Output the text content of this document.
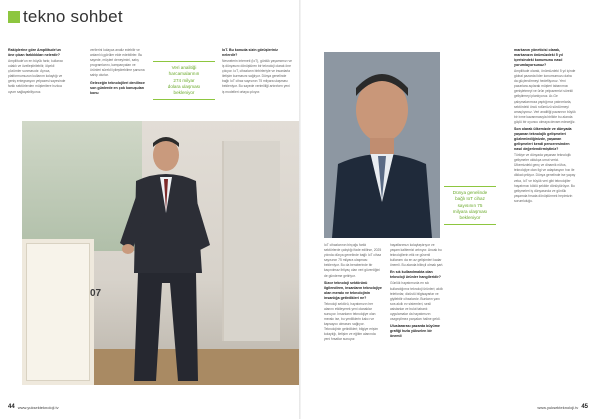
tekno sohbet
Rakiplerine göre Ampliitude'un öne çıkan farklılıkları nelerdir?

Ampliitude'un en büyük farkı; kullanıcı odaklı ve özelleştirilebilir, ölçekli çözümler sunmasıdır. Ayrıca, platformumuzun kullanım kolaylığı ve geniş entegrasyon yelpazesi sayesinde farklı sektörlerden müşterilere hızlıca uyum sağlayabiliyoruz.

verilerini kolayca analiz edebilir ve anlamlı içgörüler elde edebilirler. Bu sayede, müşteri deneyimini, satış programlarını, kampanyaları ve ürünleri sürekli iyileştirebilme şansına sahip olurlar.

Geleceğin teknolojileri denilince son günlerde en çok konuşulan konu
Veri analitiği
harcamalarının
274 milyar
dolara ulaşması
bekleniyor
IoT. Bu konuda sizin görüşleriniz nelerdir?

Nesnelerin interneti (IoT), günlük yaşamımızı ve iş dünyasını dönüştüren bir teknoloji olarak öne çıkıyor. IoT, cihazların birbirleriyle ve insanlarla iletişim kurmasını sağlıyor. Dünya genelinde bağlı IoT cihaz sayısının 75 milyara ulaşması bekleniyor. Bu sayede verimliliği artırırken yeni iş modelleri ortaya çıkıyor.

07
44 www.yuksekteknoloji.tv
Dünya genelinde
bağlı IoT cihaz
sayısının 75
milyara ulaşması
bekleniyor

IoT cihazlarının birçoğu farklı sektörlerde çalıştığı ifade edilirse, 2025 yılında dünya genelinde bağlı IoT cihaz sayısının 75 milyara ulaşması bekleniyor. Bu da beraberinde bir kaçınılmaz ihtiyaç olan veri güvenliğini de gündeme getiriyor.

Sizce teknoloji sektörünü ilgilendiren, insanların teknolojiye olan merakı ve teknolojinin insanlığa getirdikleri ne?

Teknoloji sektörü, hayatımızın her alanını etkileyerek yeni olanaklar sunuyor. İnsanların teknolojiye olan merakı ise, bu yeniliklerin kalıcı ve kapsayıcı olmasını sağlıyor. Teknolojinin getirdikleri; bilgiye erişim kolaylığı, iletişim ve eğitim alanında yeni fırsatlar sunuyor.

hayatlarımızı kolaylaştırıyor ve yaşam kalitemizi artırıyor. Ancak bu teknolojilerin etik ve güvenli kullanımı da en az gelişimleri kadar önemli. Bu alanda bilinçli olmak şart.

En sık kullanılmakta olan teknoloji ürünler hangileridir?

Günlük hayatımızda en sık kullandığımız teknoloji ürünleri; akıllı telefonlar, dizüstü bilgisayarlar ve giyilebilir cihazlardır. Bunların yanı sıra akıllı ev sistemleri, sesli asistanlar ve bulut tabanlı uygulamalar da hayatımızın vazgeçilmez parçaları haline geldi.

Uluslararası pazarda büyüme grafiği hızla yükselen bir önemli
markanın yöneticisi olarak, markanızın önümüzdeki 5 yıl içerisindeki konumunu nasıl yorumlayorsunuz?

Ampliitude olarak, önümüzdeki 5 yıl içinde global pazarda lider konumumuzu daha da güçlendirmeyi hedefliyoruz. Yeni pazarlara açılarak müşteri tabanımızı genişletmeyi ve ürün yelpazemizi sürekli geliştirmeyi planlıyoruz. Ar-Ge çalışmalarımıza yaptığımız yatırımlarla, sektördeki öncü rolümüzü sürdürmeyi amaçlıyoruz. Veri analitiği pazarının büyük bir ivme kazanmasıyla birlikte bu alanda güçlü bir oyuncu olmaya devam edeceğiz.

Son olarak ülkemizde ve dünyada yaşanan teknolojik gelişmeleri gözlemlediğinizde, yaşanan gelişmeleri kendi penceresinden nasıl değerlendirmiştiniz?

Türkiye ve dünyada yaşanan teknolojik gelişmeler oldukça umut verici. Ülkemizdeki genç ve dinamik nüfus, teknolojiye olan ilgi ve adaptasyon hızı ile dikkat çekiyor. Dünya genelinde ise yapay zeka, IoT ve büyük veri gibi teknolojiler hayatımızı köklü şekilde dönüştürüyor. Bu gelişmeleri iş dünyasında ve günlük yaşamda fırsata dönüştürmek hepimizin sorumluluğu.

www.yuksekteknoloji.tv 45
